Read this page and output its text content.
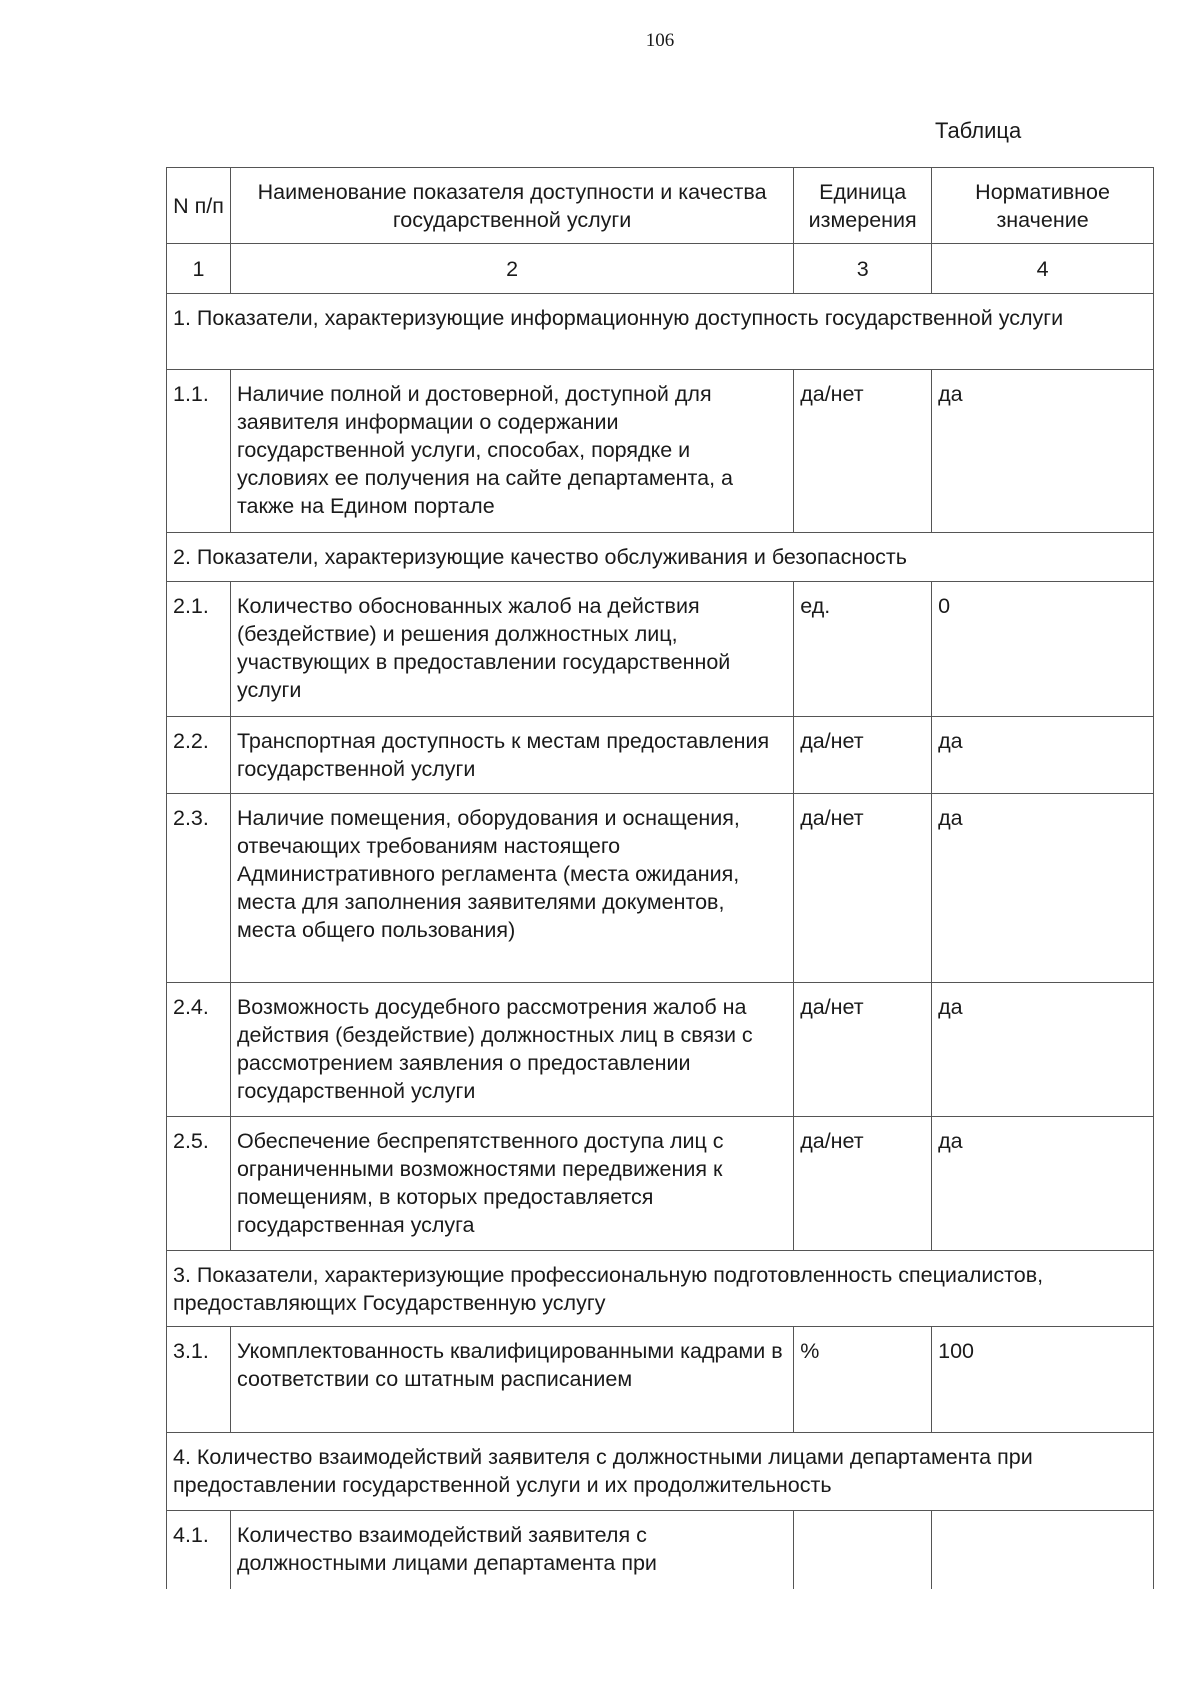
106
Таблица
N п/п	Наименование показателя доступности и качества государственной услуги	Единица измерения	Нормативное значение
1	2	3	4
1. Показатели, характеризующие информационную доступность государственной услуги			
1.1.	Наличие полной и достоверной, доступной для заявителя информации о содержании государственной услуги, способах, порядке и условиях ее получения на сайте департамента, а также на Едином портале	да/нет	да
2. Показатели, характеризующие качество обслуживания и безопасность			
2.1.	Количество обоснованных жалоб на действия (бездействие) и решения должностных лиц, участвующих в предоставлении государственной услуги	ед.	0
2.2.	Транспортная доступность к местам предоставления государственной услуги	да/нет	да
2.3.	Наличие помещения, оборудования и оснащения, отвечающих требованиям настоящего Административного регламента (места ожидания, места для заполнения заявителями документов, места общего пользования)	да/нет	да
2.4.	Возможность досудебного рассмотрения жалоб на действия (бездействие) должностных лиц в связи с рассмотрением заявления о предоставлении государственной услуги	да/нет	да
2.5.	Обеспечение беспрепятственного доступа лиц с ограниченными возможностями передвижения к помещениям, в которых предоставляется государственная услуга	да/нет	да
3. Показатели, характеризующие профессиональную подготовленность специалистов, предоставляющих Государственную услугу			
3.1.	Укомплектованность квалифицированными кадрами в соответствии со штатным расписанием	%	100
4. Количество взаимодействий заявителя с должностными лицами департамента при предоставлении государственной услуги и их продолжительность			
4.1.	Количество взаимодействий заявителя с должностными лицами департамента при		
